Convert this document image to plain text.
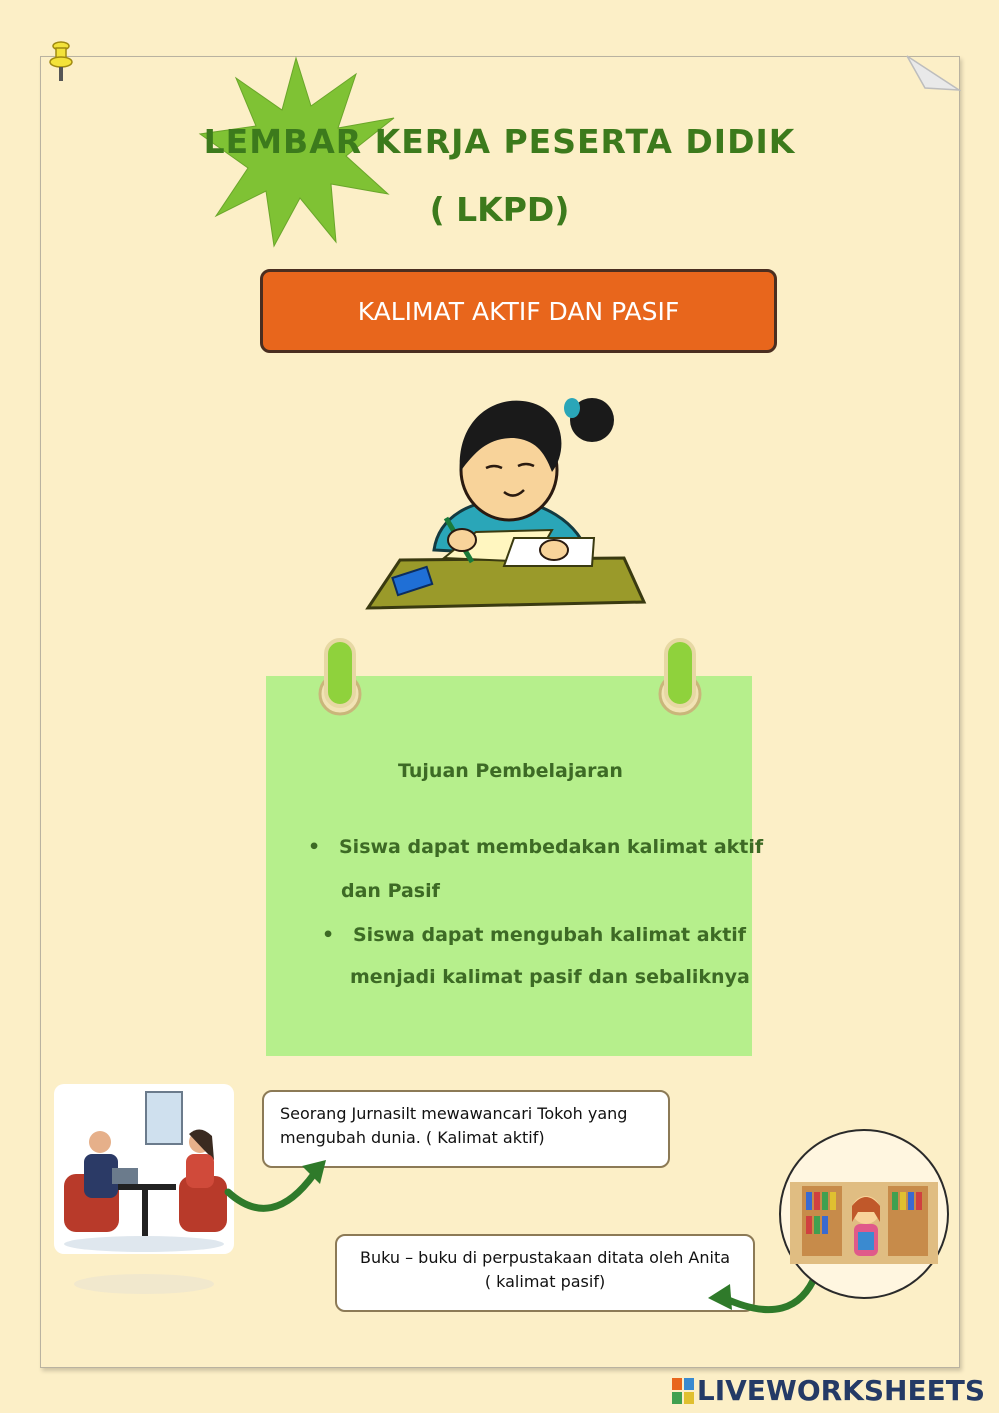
LEMBAR KERJA PESERTA DIDIK
( LKPD)
KALIMAT AKTIF DAN PASIF
Tujuan Pembelajaran
• Siswa dapat membedakan kalimat aktif
dan Pasif
• Siswa dapat mengubah kalimat aktif
menjadi kalimat pasif dan sebaliknya
Seorang Jurnasilt mewawancari Tokoh yang
mengubah dunia. ( Kalimat aktif)
Buku – buku di perpustakaan ditata oleh Anita
( kalimat pasif)
LIVEWORKSHEETS
